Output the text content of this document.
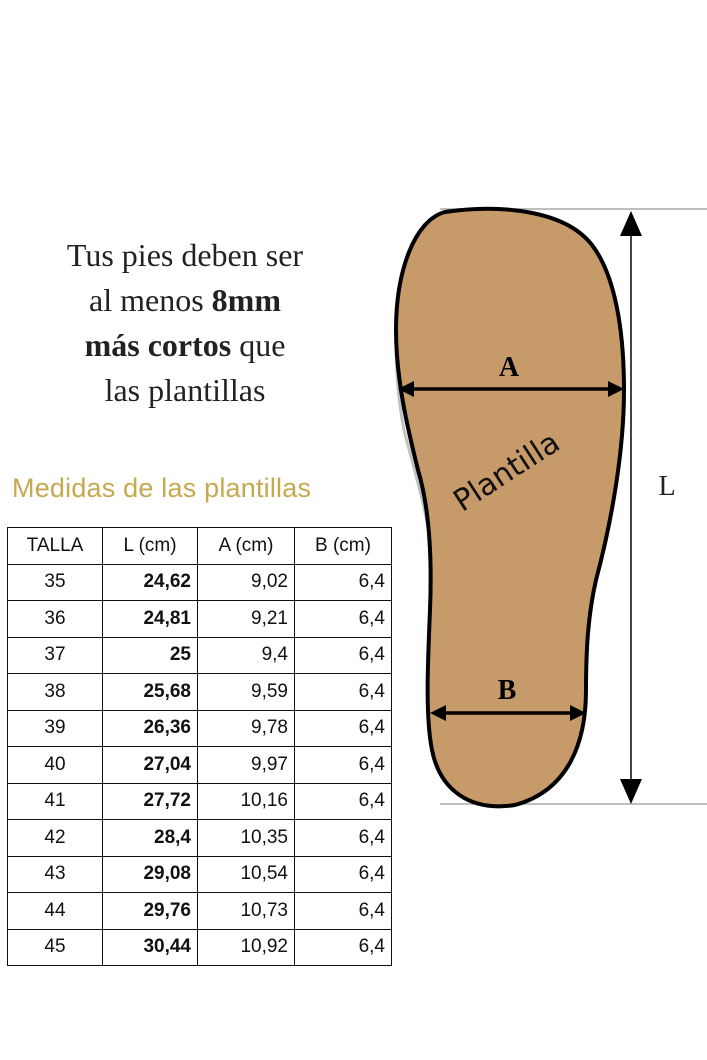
Tus pies deben ser
al menos 8mm
más cortos que
las plantillas
Medidas de las plantillas
TALLA	L (cm)	A (cm)	B (cm)
35	24,62	9,02	6,4
36	24,81	9,21	6,4
37	25	9,4	6,4
38	25,68	9,59	6,4
39	26,36	9,78	6,4
40	27,04	9,97	6,4
41	27,72	10,16	6,4
42	28,4	10,35	6,4
43	29,08	10,54	6,4
44	29,76	10,73	6,4
45	30,44	10,92	6,4
A
B
L
Plantilla
